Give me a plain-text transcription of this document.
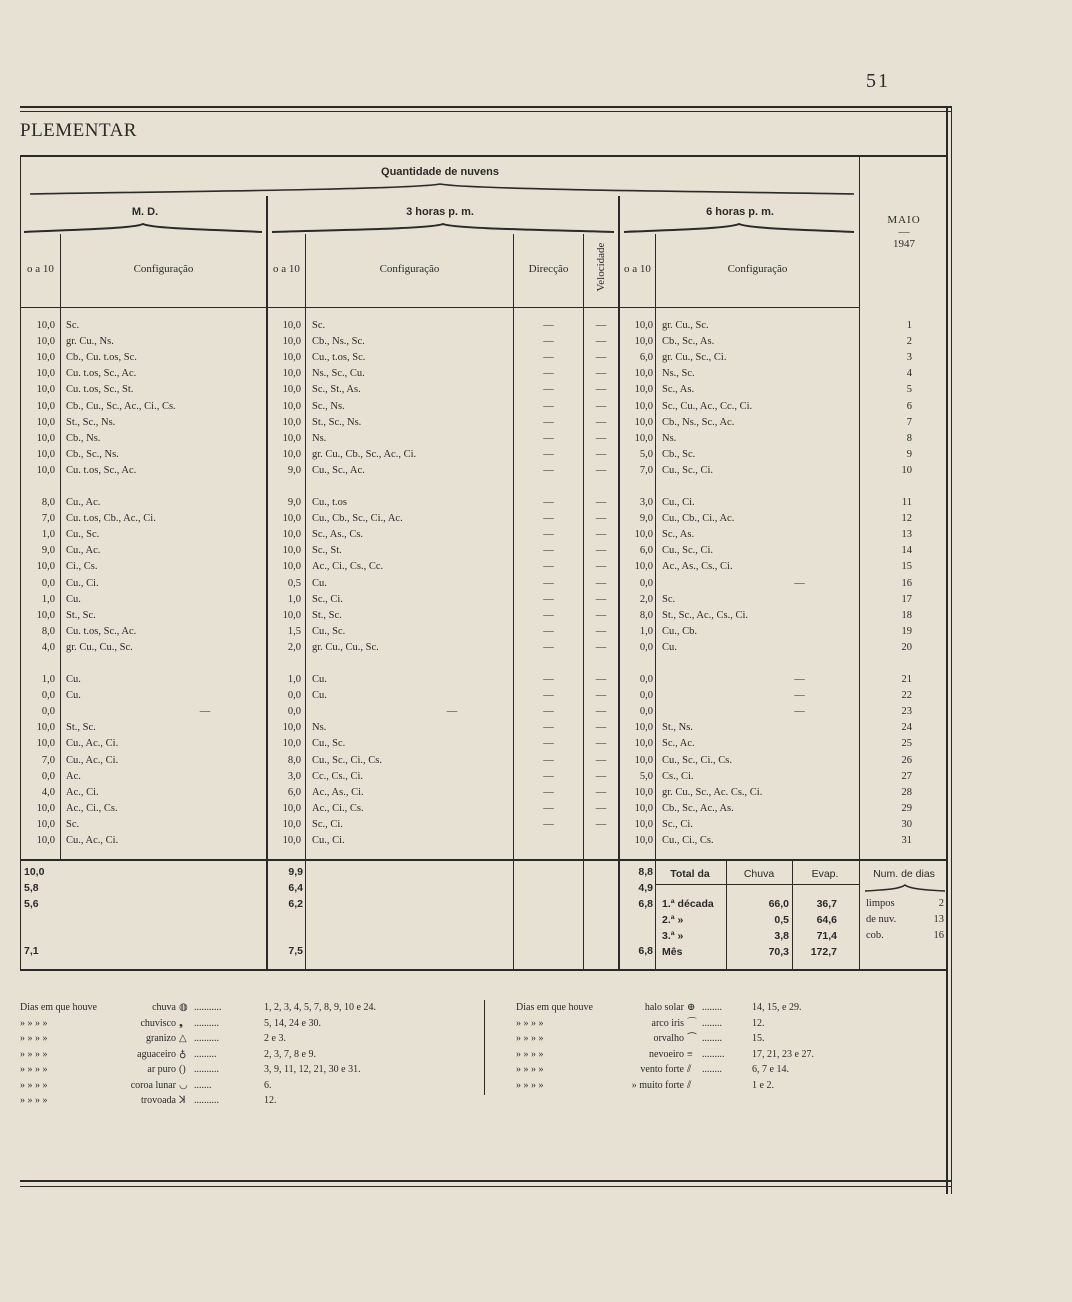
51
PLEMENTAR
Quantidade de nuvens
M. D.	3 horas p. m.	6 horas p. m.
MAIO
—
1947
o a 10	Configuração	o a 10	Configuração	Direcção	Velocidade	o a 10	Configuração
10,0 Sc.	10,0 Sc.	—	—	10,0 gr. Cu., Sc.	1
10,0 gr. Cu., Ns.	10,0 Cb., Ns., Sc.	—	—	10,0 Cb., Sc., As.	2
10,0 Cb., Cu. t.os, Sc.	10,0 Cu., t.os, Sc.	—	—	6,0 gr. Cu., Sc., Ci.	3
10,0 Cu. t.os, Sc., Ac.	10,0 Ns., Sc., Cu.	—	—	10,0 Ns., Sc.	4
10,0 Cu. t.os, Sc., St.	10,0 Sc., St., As.	—	—	10,0 Sc., As.	5
10,0 Cb., Cu., Sc., Ac., Ci., Cs.	10,0 Sc., Ns.	—	—	10,0 Sc., Cu., Ac., Cc., Ci.	6
10,0 St., Sc., Ns.	10,0 St., Sc., Ns.	—	—	10,0 Cb., Ns., Sc., Ac.	7
10,0 Cb., Ns.	10,0 Ns.	—	—	10,0 Ns.	8
10,0 Cb., Sc., Ns.	10,0 gr. Cu., Cb., Sc., Ac., Ci.	—	—	5,0 Cb., Sc.	9
10,0 Cu. t.os, Sc., Ac.	9,0 Cu., Sc., Ac.	—	—	7,0 Cu., Sc., Ci.	10
8,0 Cu., Ac.	9,0 Cu., t.os	—	—	3,0 Cu., Ci.	11
7,0 Cu. t.os, Cb., Ac., Ci.	10,0 Cu., Cb., Sc., Ci., Ac.	—	—	9,0 Cu., Cb., Ci., Ac.	12
1,0 Cu., Sc.	10,0 Sc., As., Cs.	—	—	10,0 Sc., As.	13
9,0 Cu., Ac.	10,0 Sc., St.	—	—	6,0 Cu., Sc., Ci.	14
10,0 Ci., Cs.	10,0 Ac., Ci., Cs., Cc.	—	—	10,0 Ac., As., Cs., Ci.	15
0,0 Cu., Ci.	0,5 Cu.	—	—	0,0	—	16
1,0 Cu.	1,0 Sc., Ci.	—	—	2,0 Sc.	17
10,0 St., Sc.	10,0 St., Sc.	—	—	8,0 St., Sc., Ac., Cs., Ci.	18
8,0 Cu. t.os, Sc., Ac.	1,5 Cu., Sc.	—	—	1,0 Cu., Cb.	19
4,0 gr. Cu., Cu., Sc.	2,0 gr. Cu., Cu., Sc.	—	—	0,0 Cu.	20
1,0 Cu.	1,0 Cu.	—	—	0,0	—	21
0,0 Cu.	0,0 Cu.	—	—	0,0	—	22
0,0	—	0,0	—	—	—	0,0	—	23
10,0 St., Sc.	10,0 Ns.	—	—	10,0 St., Ns.	24
10,0 Cu., Ac., Ci.	10,0 Cu., Sc.	—	—	10,0 Sc., Ac.	25
7,0 Cu., Ac., Ci.	8,0 Cu., Sc., Ci., Cs.	—	—	10,0 Cu., Sc., Ci., Cs.	26
0,0 Ac.	3,0 Cc., Cs., Ci.	—	—	5,0 Cs., Ci.	27
4,0 Ac., Ci.	6,0 Ac., As., Ci.	—	—	10,0 gr. Cu., Sc., Ac. Cs., Ci.	28
10,0 Ac., Ci., Cs.	10,0 Ac., Ci., Cs.	—	—	10,0 Cb., Sc., Ac., As.	29
10,0 Sc.	10,0 Sc., Ci.	—	—	10,0 Sc., Ci.	30
10,0 Cu., Ac., Ci.	10,0 Cu., Ci.	10,0 Cu., Ci., Cs.	31
10,0	9,9	8,8
5,8	6,4	4,9
5,6	6,2	6,8
7,1	7,5	6,8
Total da	Chuva	Evap.
1.ª década	66,0	36,7
2.ª »	0,5	64,6
3.ª »	3,8	71,4
Mês	70,3	172,7
Num. de dias
limpos	2
de nuv.	13
cob.	16
Dias em que houve	chuva ◍ ...........	1, 2, 3, 4, 5, 7, 8, 9, 10 e 24.
» » » »	chuvisco ❟	..........	5, 14, 24 e 30.
» » » »	granizo △ ..........	2 e 3.
» » » »	aguaceiro ♁ .........	2, 3, 7, 8 e 9.
» » » »	ar puro () ..........	3, 9, 11, 12, 21, 30 e 31.
» » » »	coroa lunar ◡ .......	6.
» » » »	trovoada ꓘ ..........	12.
Dias em que houve	halo solar ⊕ ........	14, 15, e 29.
» » » »	arco iris ⌒ ........	12.
» » » »	orvalho ⏜ ........	15.
» » » »	nevoeiro ≡ .........	17, 21, 23 e 27.
» » » »	vento forte ⫽	........	6, 7 e 14.
» » » »	» muito forte ⫽	1 e 2.
